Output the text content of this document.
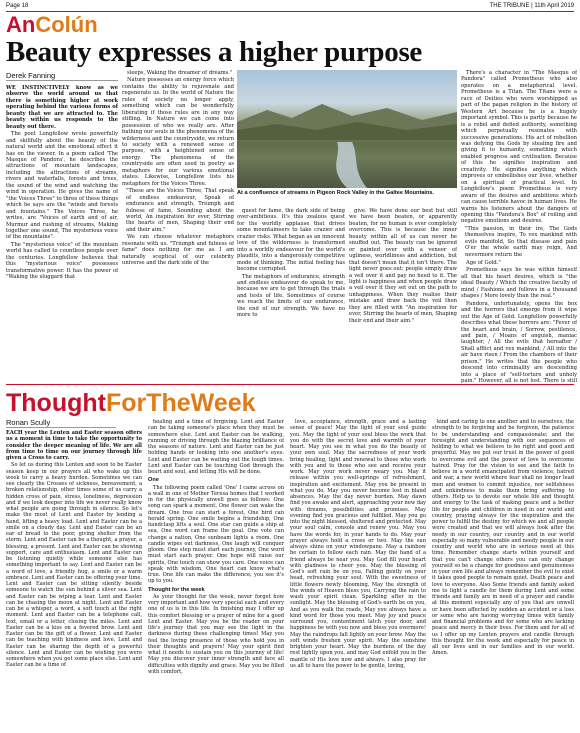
Page 18	THE TRIBUNE | 11th April 2019
AnColún
Beauty expresses a higher purpose
Derek Fanning

WE INSTINCTIVELY know as we observe the world around us that there is something higher at work operating behind the various forms of beauty that we are attracted to. The beauty within us responds to the beauty out there.

The poet Longfellow wrote powerfully and skillfully about the beauty of the natural world and the emotional effect it has on the viewer. In a poem called 'The Masque of Pandora', he describes the attractions of mountain landscapes, including the attractions of streams, rivers and waterfalls, forests and trees, the sound of the wind and watching the wind in operation. He gives the name of "the Voices Three" to three of these things which he says are the "winds and forests and fountains." The Voices Three, he writes, are "Voices of earth and of air, Murmur and rushing of streams, Making together one sound, The mysterious voice of the mountains".

The "mysterious voice" of the mountain world has called to countless people over the centuries. Longfellow believes that this "mysterious voice" possesses transformative power. It has the power of "Waking the sluggard that

sleeps, Waking the dreamer of dreams."

Nature possesses an energy force which contains the ability to rejuvenate and regenerate us. In the world of Nature the rules of society no longer apply, something which can be wonderfully liberating if those rules are in any way stifling. In Nature we can come into possession of who we really are. After bathing our souls in the phenomena of the wilderness and the countryside, we return to society with a renewed sense of purpose, with a heightened sense of energy. The phenomena of the countryside are often used in poetry as metaphors for our various emotional states. Likewise, Longfellow lists his metaphors for the Voices Three.

"These are the Voices Three, That speak of endless endeavour, Speak of endurance and strength, Triumph and fulness of fame, Sounding about the world, An inspiration for ever, Stirring the hearts of men, Shaping their end and their aim."

We can choose whatever metaphors resonate with us. "Triumph and fulness of fame" does nothing for me as I am naturally sceptical of our celebrity universe and the dark side of the

At a confluence of streams in Pigeon Rock Valley in the Galtee Mountains.

quest for fame, the dark side of being over-ambitious. It's this zealous quest for the worldly applause that drives some mountaineers to take crazier and crazier risks. What began as an innocent love of the wilderness is transformed into a worldly endeavour for the world's plaudits, into a dangerously competitive mode of thinking. The initial feeling has become corrupted.

The metaphors of endurance, strength and endless endeavour do speak to me, because we are to get through the trials and tests of life. Sometimes of course we reach the limits of our endurance, the end of our strength. We have no more to

give. We have done our best but still we have been beaten, or apparently beaten, for no human is ever completely overcome. This is because the inner beauty within all of us can never be snuffed out. The beauty can be ignored or painted over with a veneer of ugliness, worldliness and addiction, but that doesn't mean that it isn't there. The light never goes out; people simply draw a veil over it and pay no heed to it. The light is happiness and when people draw a veil over it they set out on the path to unhappiness. When they realise their mistake and draw back the veil then they are filled with "An inspiration for ever, Stirring the hearts of men, Shaping their end and their aim."

There's a character in "The Masque of Pandora" called Prometheus who also operates on a metaphorical level. Prometheus is a Titan. The Titans were a race of Deities who were worshipped as part of the pagan religion in the history of Western Art because he is a hugely important symbol. This is partly because he is a rebel and defied authority, something which perpetually resonates with successive generations. His act of rebellion was defying the Gods by stealing fire and giving it to humanity, something which enabled progress and civilisation. Because of this he signifies inspiration and creativity. He signifies anything which improves or embellishes our lives, whether on a spiritual or practical level. In Longfellow's poem Prometheus is very aware of the desires and ambitions which can cause terrible havoc in human lives. He warns his listeners about the dangers of opening this "Pandora's Box" of roiling and negative emotions and desires.

"This passion, in their ire, The Gods themselves inspire, To vex mankind with evils manifold, So that disease and pain O'er the whole earth may reign, And nevermore return the

ThoughtForTheWeek
Ronan Scully

EACH year the Lenten and Easter season offers us a moment in time to take the opportunity to consider the deeper meaning of life. We are all from time to time on our journey through life given a Cross to carry.

So let us during this Lenten and soon to be Easter season keep in our prayers all who wake up this week to carry a heavy burden. Sometimes we can see clearly the Crosses of sickness, bereavement, a broken relationship, other times some of us carry a hidden cross of pain, stress, loneliness, depression and if we look deeper into life we never really know what people are going through in silence. So let's make the most of Lent and Easter by lending a hand, lifting a heavy load. Lent and Easter can be a smile on a cloudy day. Lent and Easter can be an ear of bread to the poor, giving shelter from the storm. Lent and Easter can be a thought, a prayer, a blessing, a present. Lent and Easter can be showing support, care and enthusiasm. Lent and Easter can be listening quietly while someone else has something important to say. Lent and Easter can be a word of love, a friendly hug, a smile or a warm embrace. Lent and Easter can be offering your time. Lent and Easter can be sitting silently beside someone to watch the sun behind a silver sea. Lent and Easter can be wiping a tear. Lent and Easter can be chasing the moon at night. Lent and Easter can be a whisper, a word, a soft touch at the right moment. Lent and Easter can be a telephone call, text, email or a letter, closing the miles. Lent and Easter can be a kiss on a fevered brow. Lent and Easter can be the gift of a flower. Lent and Easter can be teaching with kindness and love. Lent and Easter can be sharing the depth of a powerful silence. Lent and Easter can be wishing you were somewhere when you get some place else. Lent and Easter can be a time of

healing and a time of forgiving. Lent and Easter can be taking someone's place when they must be somewhere else. Lent and Easter can be walking, running or driving through the blazing brilliance of the seasons of nature. Lent and Easter can be just holding hands or looking into one another's eyes. Lent and Easter can be waiting out the tough times. Lent and Easter can be touching God through the heart and soul, and letting His will be done.

One

The following poem called 'One' I came across on a wall in one of Mother Teresa homes that I worked in for the physically unwell goes as follows: One song can spark a moment, One flower can wake the dream. One tree can start a forest, One bird can herald spring. One smile begins a friendship, One handclasp lifts a soul. One star can guide a ship at sea, One word can frame the goal. One vote can change a nation, One sunbeam lights a room. One candle wipes out darkness, One laugh will conquer gloom. One step must start each journey, One word must start each prayer. One hope will raise our spirits, One touch can show you care. One voice can speak with wisdom, One heart can know what's true. One life can make the difference; you see it's up to you.

Thought for the week

As your thought for the week, never forget how very important and how very special each and every one of us is in this life. In finishing may I offer up this comfort blessing or a prayer of mine for a good Lent and Easter. May you be the reader on your life's journey that you may see the light in the darkness during these challenging times! May you feel the loving presence of those who hold you in their thoughts and prayers! May your spirit find what it needs to sustain you on this journey of life! May you discover your inner strength and face all difficulties with dignity and grace. May you be filled with comfort,

love, acceptance, strength, grace and a lasting sense of peace! May the light of your soul guide you. May the light of your soul bless the work that you do with the secret love and warmth of your heart. May you see in what you do the beauty of your own soul. May the sacredness of your work bring healing, light and renewal to those who work with you and to those who see and receive your work. May your work never weary you. May it release within you well-springs of refreshment, inspiration and excitement. May you be present in what you do. May you never become lost in bland absences. May the day never burden. May dawn find you awake and alert, approaching your new day with dreams, possibilities and promises. May evening find you gracious and fulfilled. May you go into the night blessed, sheltered and protected. May your soul calm, console and renew you. May you have the words for, in your hands to do. May your prayer always hold a cross or two. May the sun always shine on your windowpane. May a rainbow be certain to follow each rain. May the hand of a friend always be near you. May God fill your heart with gladness to cheer you. May the blessing of God's soft rain be on you, Falling gently on your head, refreshing your soul. With the sweetness of little flowers newly blooming. May the strength of the winds of Heaven bless you, Carrying the rain to wash your spirit clean. Sparkling after in the sunlight. May the blessing of God's earth be on you, And as you walk the roads, May you always have a kind word for those you meet. May joy and peace surround you, contentment latch your door, and happiness be with you now and bless you evermore! May the raindrops fall lightly on your brow. May the soft winds freshen your spirit. May the sunshine brighten your heart. May the burdens of the day rest lightly upon you, and may God enfold you in the mantle of His love now and always. I also pray for us all to have the power to be gentle, loving,

kind and caring to one another and to ourselves; the strength to be forgiving and be forgiven, the patience to be understanding and compassionate; and the foresight and understanding with our sequences of holding to what we believe to be right and good and prayerful. May we put our trust in the power of good to overcome evil and the power of love to overcome hatred. Pray for the vision to see and the faith to believe in a world emancipated from violence, hatred and war, a new world where fear shall no longer lead men and women to commit injustice, nor selfishness and unkindness to make them bring suffering to others. Help us to devote our whole life and thought and energy to the task of making peace and a better life for people and children in need in our world and country, praying always for the inspiration and the power to fulfill the destiny for which we and all people were created and that we will always look after the needy in our country, our country and in our world especially so many vulnerable and needy people in our country and world who are in serious need at this time. Remember change starts within yourself and that you can't change others you can only change yourself so be a change for goodness and genuineness in your own life and always remember the evil to exist it takes good people to remain quiet. Death peace and love to everyone. Also Some friends and family asked me to light a candle for them during Lent and some friends and family are in need of a prayer and candle at this moment especially any of you that are unwell or have been affected by sudden an accident or a loss or some who are having worrying times with family and financial problems and for some who are lacking peace and mercy in their lives. For them and for all of us I offer up my Lenten prayers and candle through this thought for the week and especially for peace in all our lives and in our families and in our world. Amen.

Age of Gold."

Prometheus says he was within himself all that his heart desires, which is "the ideal Beauty / Which the creative faculty of mind / Fashions and follows in a thousand shapes / More lovely than the real."

Pandora, unfortunately, opens the box and the horrors that emerge from it wipe out the Age of Gold. Longfellow powerfully describes what these horrors are: "Fever of the heart and brain, / Sorrow, pestilence, and pain, / Moans of anguish, maniac laughter, / All the evils that hereafter / Shall afflict and vex mankind, / All into the air have risen / From the chambers of their prison." He writes that the people who descend into criminality are descending into a place of "self-torture and unholy pain." However, all is not lost. There is still
